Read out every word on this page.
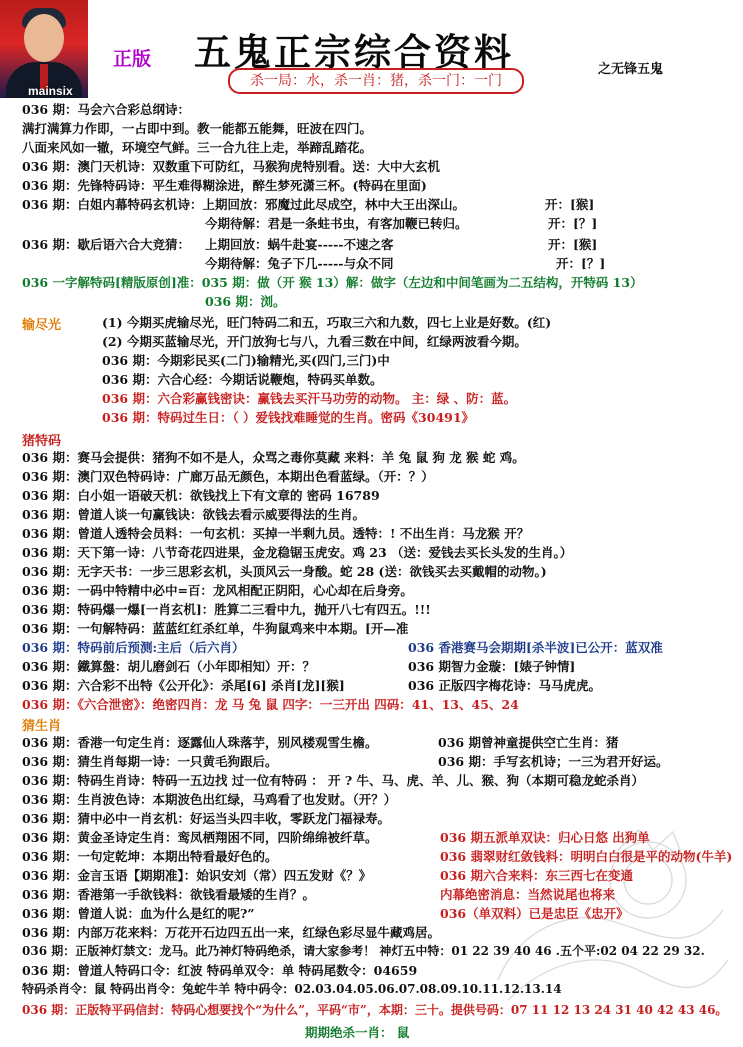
mainsix
正版 五鬼正宗综合资料	之无锋五鬼
杀一局：水，杀一肖：猪，杀一门：一门
036 期：马会六合彩总纲诗：
满打满算力作即，一占即中到。教一能都五能舞，旺波在四门。
八面来风如一辙，环境空气鲜。三一合九往上走，举蹄乱踏花。
036 期：澳门天机诗：双数重下可防红，马猴狗虎特别看。送：大中大玄机
036 期：先锋特码诗：平生难得糊涂进，醉生梦死潇三杯。(特码在里面)
036 期：白姐内幕特码玄机诗：上期回放：邪魔过此尽成空，林中大王出深山。	开：[猴]
今期待解：君是一条蛀书虫，有客加鞭已转归。	开：[？]
036 期：歇后语六合大竞猜： 上期回放：蜗牛赴宴-----不速之客	开：[猴]
今期待解：兔子下几-----与众不同	开：[？]
036 一字解特码[精版原创]准：035 期：做（开 猴 13）解：做字（左边和中间笔画为二五结构，开特码 13）
036 期：浏。
输尽光	(1) 今期买虎输尽光，旺门特码二和五，巧取三六和九数，四七上业是好数。(红)
(2) 今期买蓝输尽光，开门放狗七与八，九看三数在中间，红绿两波看今期。
036 期：今期彩民买(二门)输精光,买(四门,三门)中
036 期：六合心经：今期话说鞭炮，特码买单数。
036 期：六合彩赢钱密诀：赢钱去买汗马功劳的动物。 主：绿 、防：蓝。
036 期：特码过生日：（ ）爱钱找难睡觉的生肖。密码《30491》
猪特码
036 期：赛马会提供：猪狗不如不是人，众骂之毒你莫藏 来料：羊 兔 鼠 狗 龙 猴 蛇 鸡。
036 期：澳门双色特码诗：广廊万品无颜色，本期出色看蓝绿。（开：？）
036 期：白小姐一语破天机：欲钱找上下有文章的 密码 16789
036 期：曾道人谈一句赢钱诀：欲钱去看示威要得法的生肖。
036 期：曾道人透特会员料：一句玄机：买掉一半剩九员。透特：! 不出生肖：马龙猴 开？
036 期：天下第一诗：八节奇花四进果，金龙稳锯玉虎安。鸡 23 （送：爱钱去买长头发的生肖。）
036 期：无字天书：一步三思彩玄机，头顶风云一身酸。蛇 28 (送：欲钱买去买戴帽的动物。)
036 期：一码中特精中必中=百：龙风相配正阴阳，心心却在后身旁。
036 期：特码爆一爆[一肖玄机]：胜算二三看中九，抛开八七有四五。!!!
036 期：一句解特码：蓝蓝红红杀红单，牛狗鼠鸡来中本期。[开—准
036 期：特码前后预测:主后（后六肖）	036 香港赛马会期期[杀半波]已公开：蓝双准
036 期：鐵算盤：胡儿磨剑石（小年即相知）开：？	036 期智力金璇：[婊子钟情]
036 期：六合彩不出特《公开化》：杀尾[6] 杀肖[龙][猴]	036 正版四字梅花诗：马马虎虎。
036 期：《六合泄密》：绝密四肖：龙 马 兔 鼠 四字：一三开出 四码：41、13、45、24
猜生肖
036 期：香港一句定生肖：逐露仙人珠落芋，别风楼观雪生檐。	036 期曾神童提供空亡生肖：猪
036 期：猜生肖每期一诗：一只黄毛狗跟后。	036 期：手写玄机诗；一三为君开好运。
036 期：特码生肖诗：特码一五边找 过一位有特码 ： 开 ? 牛、马、虎、羊、儿、猴、狗（本期可稳龙蛇杀肖）
036 期：生肖波色诗：本期波色出红绿，马鸡看了也发财。（开？）
036 期：猜中必中一肖玄机：好运当头四丰收，零跃龙门福禄寿。
036 期：黄金圣诗定生肖：鸾凤栖翔困不同，四阶绵绵被纤草。	036 期五派单双诀：归心日悠 出狗单
036 期：一句定乾坤：本期出特看最好色的。	036 翡翠财红敛钱料：明明白白很是平的动物(牛羊)
036 期：金言玉语【期期准】：始识安刘（常）四五发财《？》	036 期六合来料：东三西七在变通
036 期：香港第一手欲钱料：欲钱看最矮的生肖？。	内幕绝密消息：当然说尾也将来
036 期：曾道人说：血为什么是红的呢?”	036（单双料）已是忠臣《忠开》
036 期：内部万花来料：万花开石边四五出一来，红绿色彩尽显牛藏鸡居。
036 期：正版神灯禁文：龙马。此乃神灯特码绝杀，请大家参考！ 神灯五中特：01 22 39 40 46 .五个平:02 04 22 29 32.
036 期：曾道人特码口令：红波 特码单双令：单 特码尾数令：04659
特码杀肖令：鼠 特码出肖令：兔蛇牛羊 特中码令：02.03.04.05.06.07.08.09.10.11.12.13.14
036 期：正版特平码信封：特码心想要找个“为什么”，平码“市”，本期：三十。提供号码：07 11 12 13 24 31 40 42 43 46。
期期绝杀一肖： 鼠
